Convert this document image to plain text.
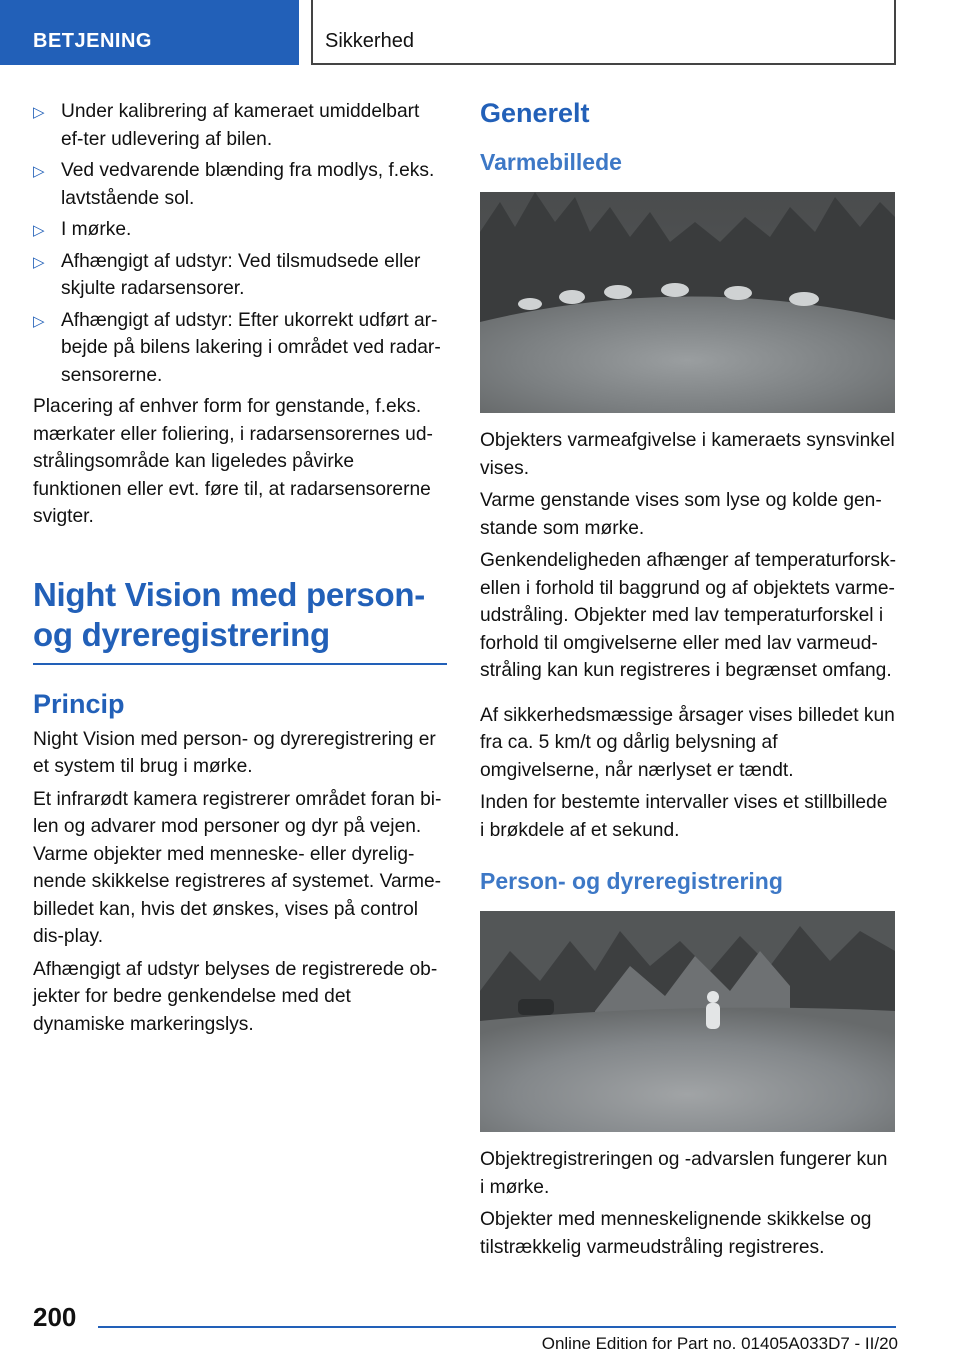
BETJENING	Sikkerhed
▷ Under kalibrering af kameraet umiddelbart ef-ter udlevering af bilen.
▷ Ved vedvarende blænding fra modlys, f.eks. lavtstående sol.
▷ I mørke.
▷ Afhængigt af udstyr: Ved tilsmudsede eller skjulte radarsensorer.
▷ Afhængigt af udstyr: Efter ukorrekt udført ar-bejde på bilens lakering i området ved radar-sensorerne.

Placering af enhver form for genstande, f.eks. mærkater eller foliering, i radarsensorernes ud-strålingsområde kan ligeledes påvirke funktionen eller evt. føre til, at radarsensorerne svigter.

Night Vision med person- og dyreregistrering
Princip

Night Vision med person- og dyreregistrering er et system til brug i mørke.

Et infrarødt kamera registrerer området foran bi-len og advarer mod personer og dyr på vejen. Varme objekter med menneske- eller dyrelig-nende skikkelse registreres af systemet. Varme-billedet kan, hvis det ønskes, vises på control dis-play.

Afhængigt af udstyr belyses de registrerede ob-jekter for bedre genkendelse med det dynamiske markeringslys.

Generelt
Varmebillede

Objekters varmeafgivelse i kameraets synsvinkel vises.

Varme genstande vises som lyse og kolde gen-stande som mørke.

Genkendeligheden afhænger af temperaturforsk-ellen i forhold til baggrund og af objektets varme-udstråling. Objekter med lav temperaturforskel i forhold til omgivelserne eller med lav varmeud-stråling kan kun registreres i begrænset omfang.

Af sikkerhedsmæssige årsager vises billedet kun fra ca. 5 km/t og dårlig belysning af omgivelserne, når nærlyset er tændt.

Inden for bestemte intervaller vises et stillbillede i brøkdele af et sekund.

Person- og dyreregistrering

Objektregistreringen og -advarslen fungerer kun i mørke.

Objekter med menneskelignende skikkelse og tilstrækkelig varmeudstråling registreres.

200
Online Edition for Part no. 01405A033D7 - II/20
